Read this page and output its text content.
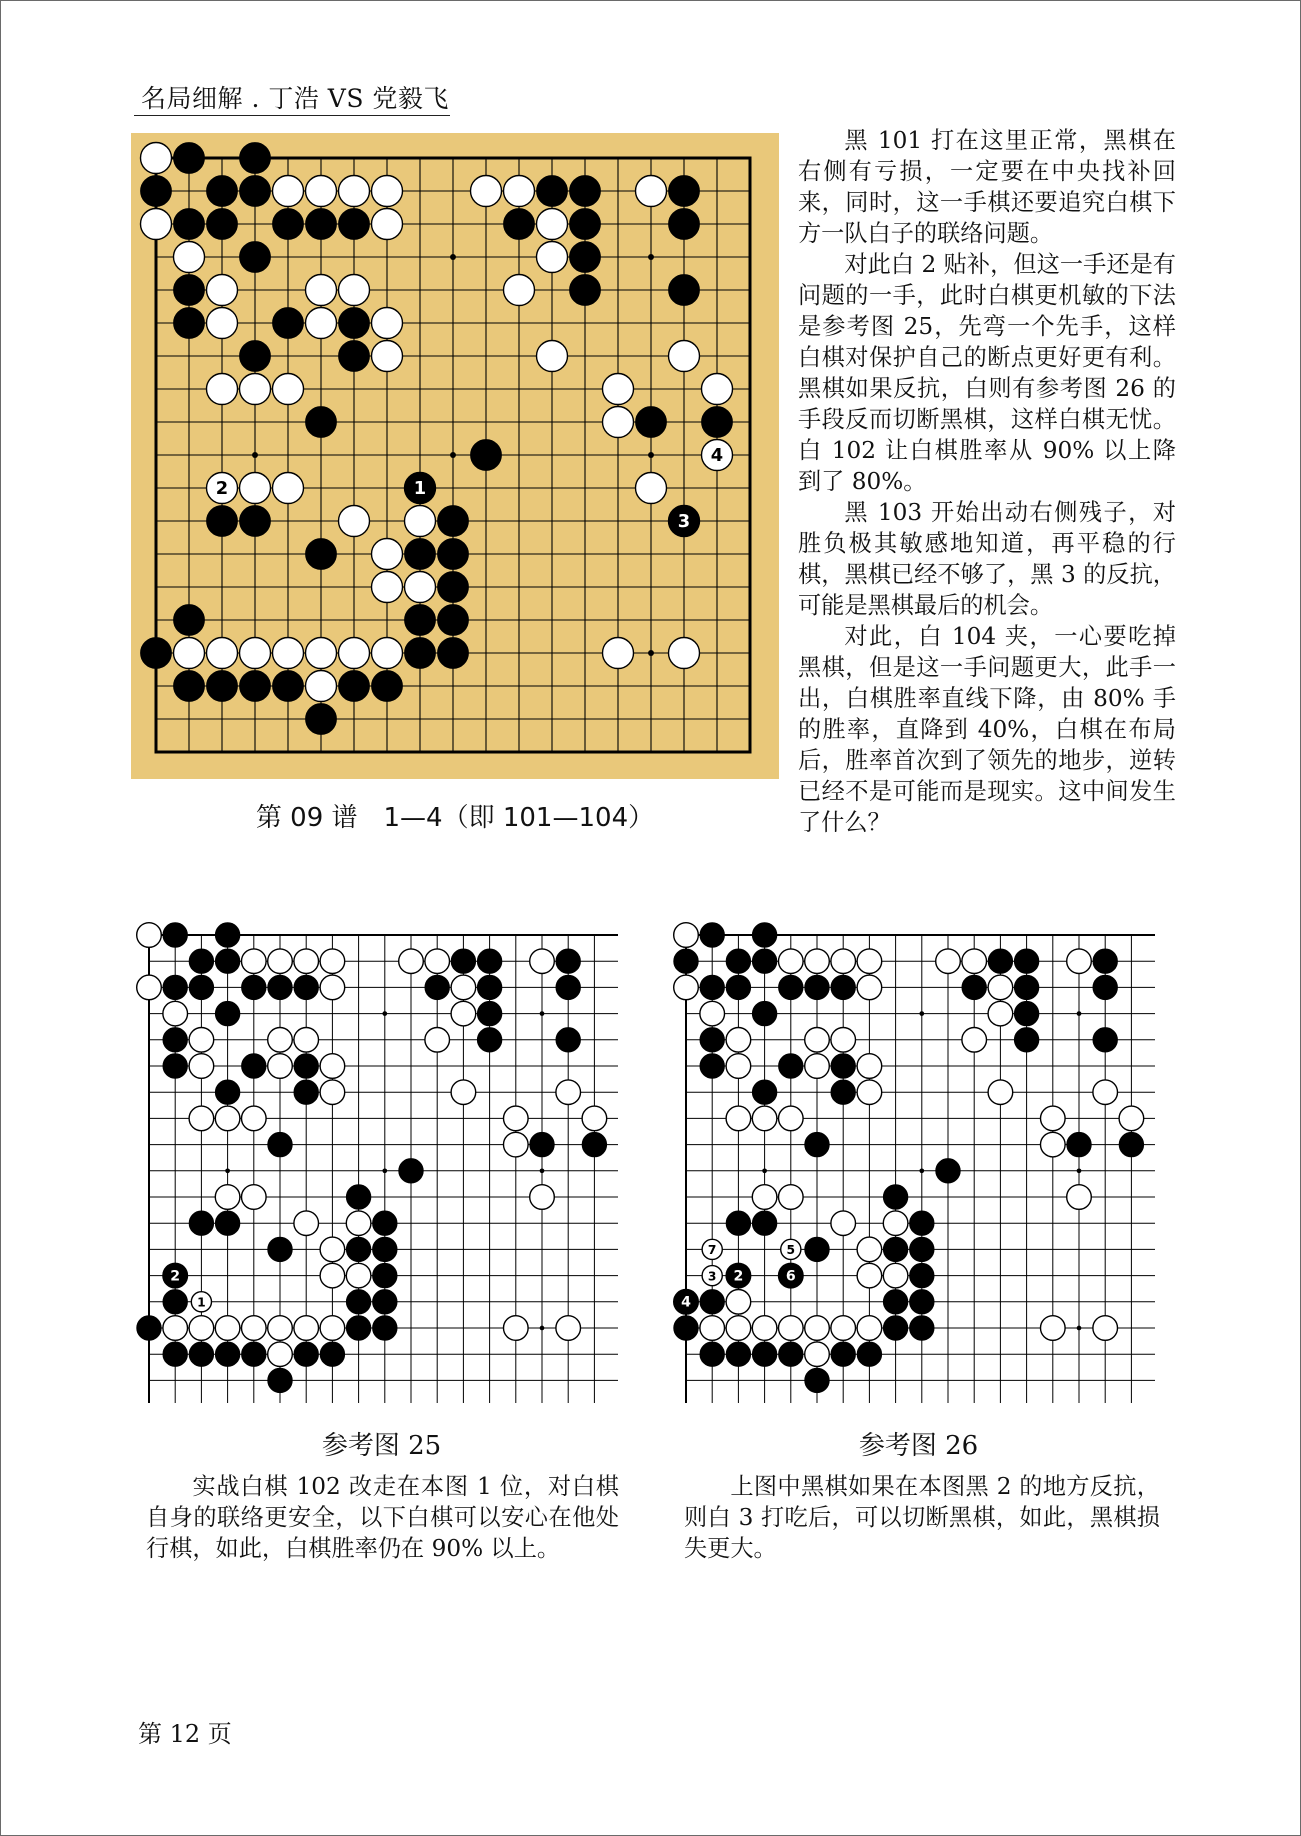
名局细解 . 丁浩 VS 党毅飞
1
2
3
4
第 09 谱　1—4（即 101—104）

黑 101 打在这里正常，黑棋在右侧有亏损，一定要在中央找补回来，同时，这一手棋还要追究白棋下方一队白子的联络问题。

对此白 2 贴补，但这一手还是有问题的一手，此时白棋更机敏的下法是参考图 25，先弯一个先手，这样白棋对保护自己的断点更好更有利。黑棋如果反抗，白则有参考图 26 的手段反而切断黑棋，这样白棋无忧。白 102 让白棋胜率从 90% 以上降到了 80%。

黑 103 开始出动右侧残子，对胜负极其敏感地知道，再平稳的行棋，黑棋已经不够了，黑 3 的反抗，可能是黑棋最后的机会。

对此，白 104 夹，一心要吃掉黑棋，但是这一手问题更大，此手一出，白棋胜率直线下降，由 80% 手的胜率，直降到 40%，白棋在布局后，胜率首次到了领先的地步，逆转已经不是可能而是现实。这中间发生了什么？

1
2	2
3
4
5
6
7
参考图 25	参考图 26

实战白棋 102 改走在本图 1 位，对白棋自身的联络更安全，以下白棋可以安心在他处行棋，如此，白棋胜率仍在 90% 以上。

上图中黑棋如果在本图黑 2 的地方反抗，则白 3 打吃后，可以切断黑棋，如此，黑棋损失更大。

第 12 页
